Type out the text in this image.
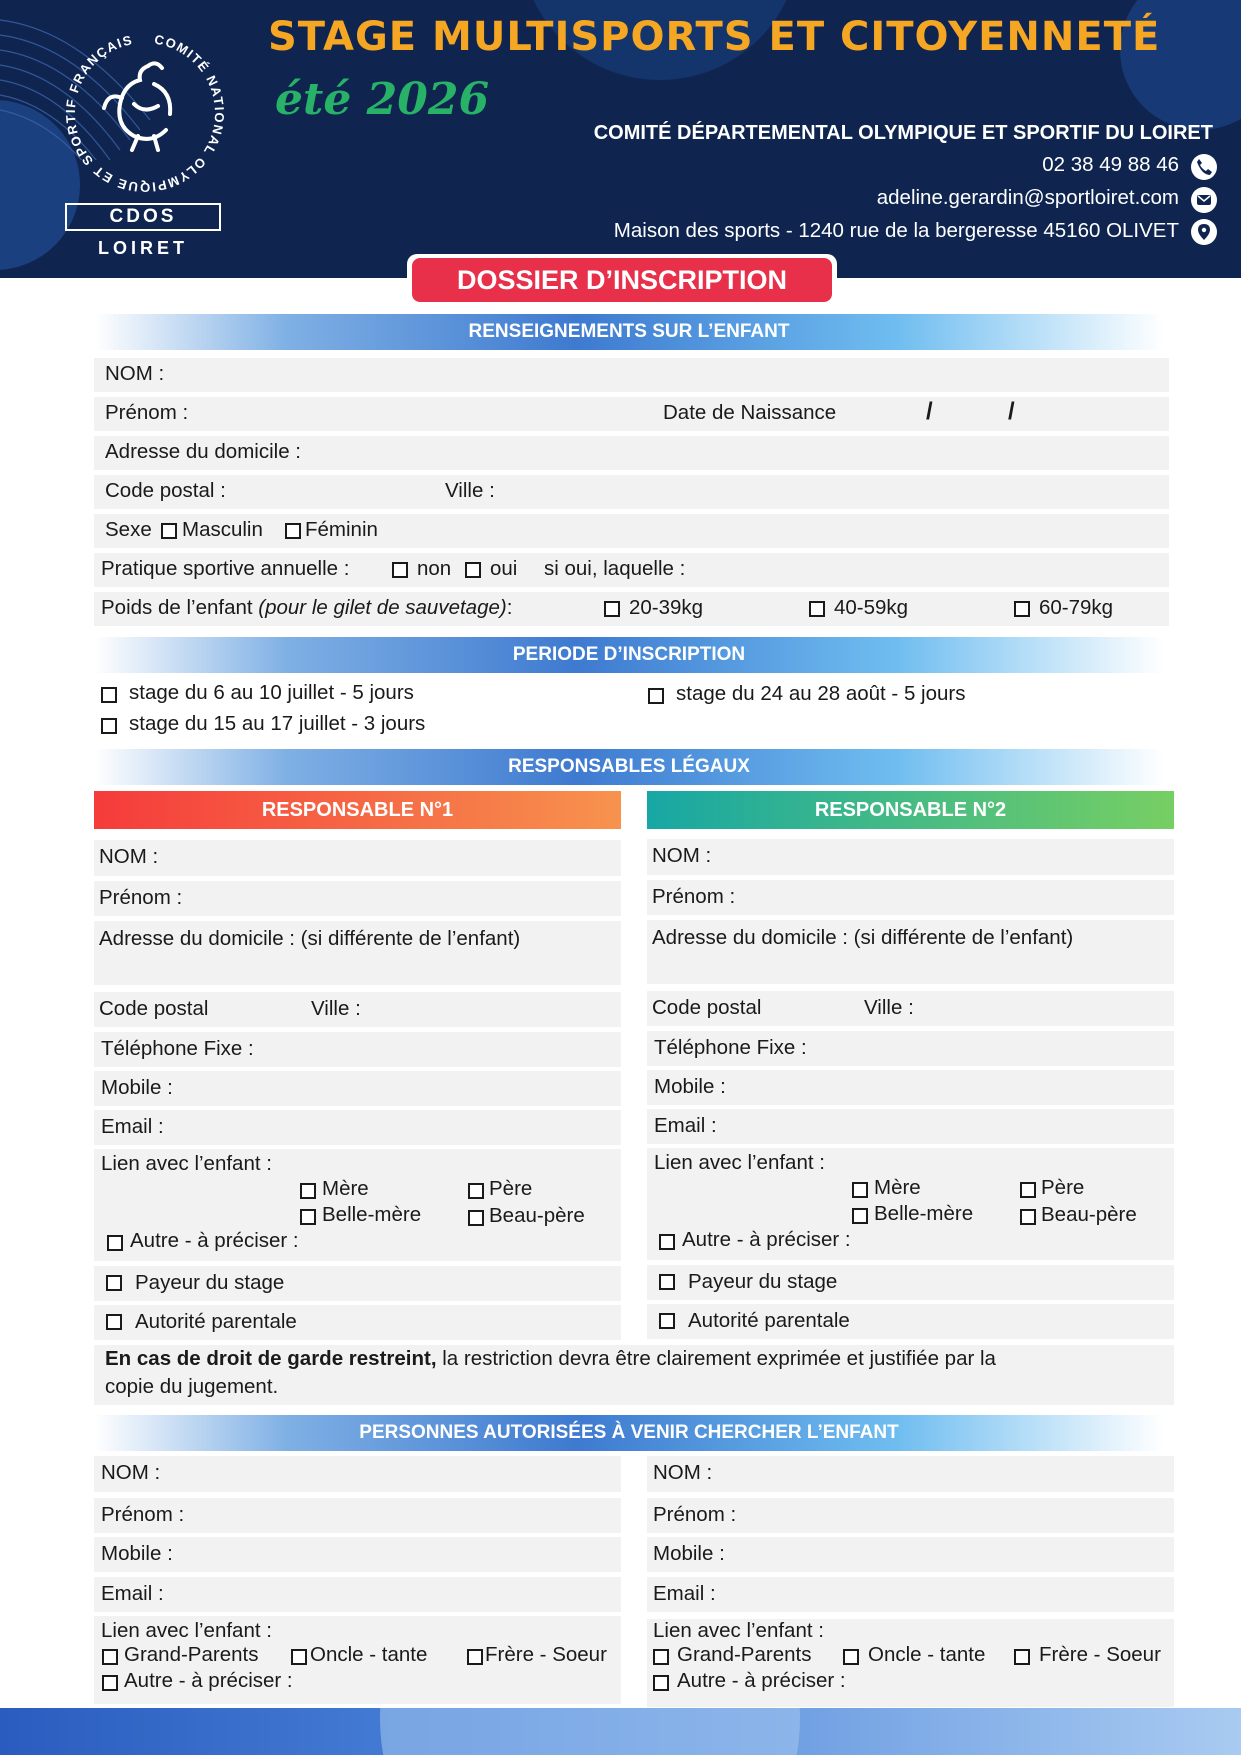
COMITÉ NATIONAL OLYMPIQUE ET SPORTIF FRANÇAIS
CDOS
LOIRET
STAGE MULTISPORTS ET CITOYENNETÉ
été 2026
COMITÉ DÉPARTEMENTAL OLYMPIQUE ET SPORTIF DU LOIRET
02 38 49 88 46
adeline.gerardin@sportloiret.com
Maison des sports - 1240 rue de la bergeresse 45160 OLIVET
DOSSIER D’INSCRIPTION
RENSEIGNEMENTS SUR L’ENFANT
NOM :
Prénom :	Date de Naissance	/	/
Adresse du domicile :
Code postal :	Ville :
Sexe Masculin Féminin
Pratique sportive annuelle :	non oui si oui, laquelle :
Poids de l’enfant (pour le gilet de sauvetage):	20-39kg	40-59kg	60-79kg
PERIODE D’INSCRIPTION
stage du 6 au 10 juillet - 5 jours
stage du 15 au 17 juillet - 3 jours
stage du 24 au 28 août - 5 jours
RESPONSABLES LÉGAUX
RESPONSABLE N°1	RESPONSABLE N°2
NOM :
Prénom :
Adresse du domicile : (si différente de l’enfant)
Code postal	Ville :
Téléphone Fixe :
Mobile :
Email :
Lien avec l’enfant :
Mère	Père
Belle-mère	Beau-père
Autre - à préciser :
Payeur du stage
Autorité parentale
NOM :
Prénom :
Adresse du domicile : (si différente de l’enfant)
Code postal	Ville :
Téléphone Fixe :
Mobile :
Email :
Lien avec l’enfant :
Mère	Père
Belle-mère	Beau-père
Autre - à préciser :
Payeur du stage
Autorité parentale
En cas de droit de garde restreint, la restriction devra être clairement exprimée et justifiée par la
copie du jugement.
PERSONNES AUTORISÉES À VENIR CHERCHER L’ENFANT
NOM :
Prénom :
Mobile :
Email :
Lien avec l’enfant :
Grand-Parents	Oncle - tante	Frère - Soeur
Autre - à préciser :
NOM :
Prénom :
Mobile :
Email :
Lien avec l’enfant :
Grand-Parents	Oncle - tante	Frère - Soeur
Autre - à préciser :
